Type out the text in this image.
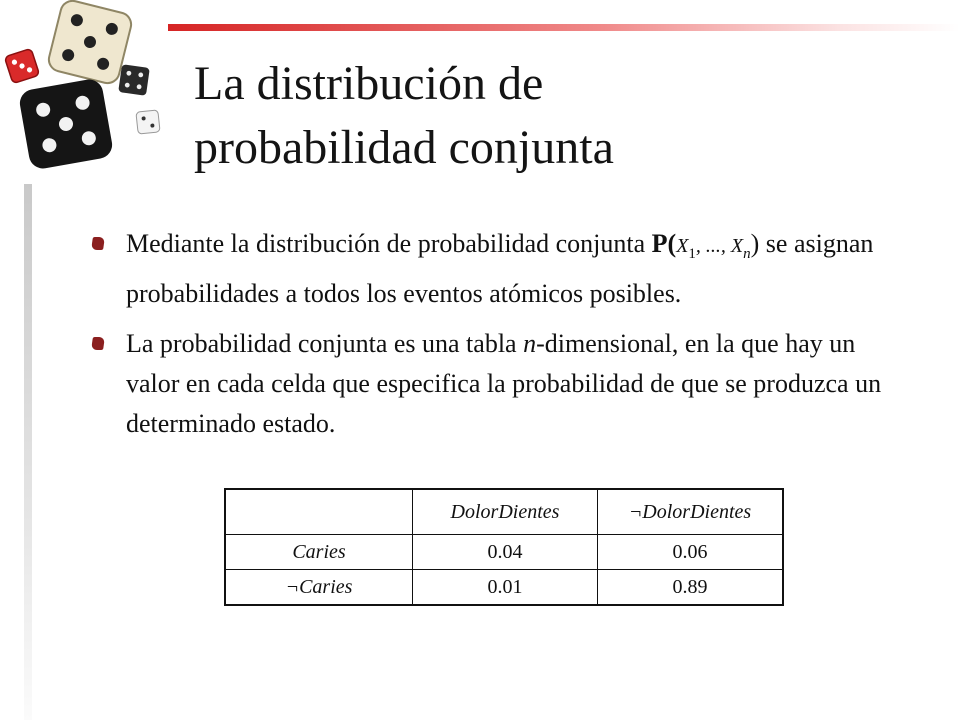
La distribución de
probabilidad conjunta
Mediante la distribución de probabilidad conjunta $P(X_1$, ..., $X_n$) se asignan probabilidades a todos los eventos atómicos posibles.
La probabilidad conjunta es una tabla n-dimensional, en la que hay un valor en cada celda que especifica la probabilidad de que se produzca un determinado estado.
	DolorDientes	¬DolorDientes
Caries	0.04	0.06
¬Caries	0.01	0.89
